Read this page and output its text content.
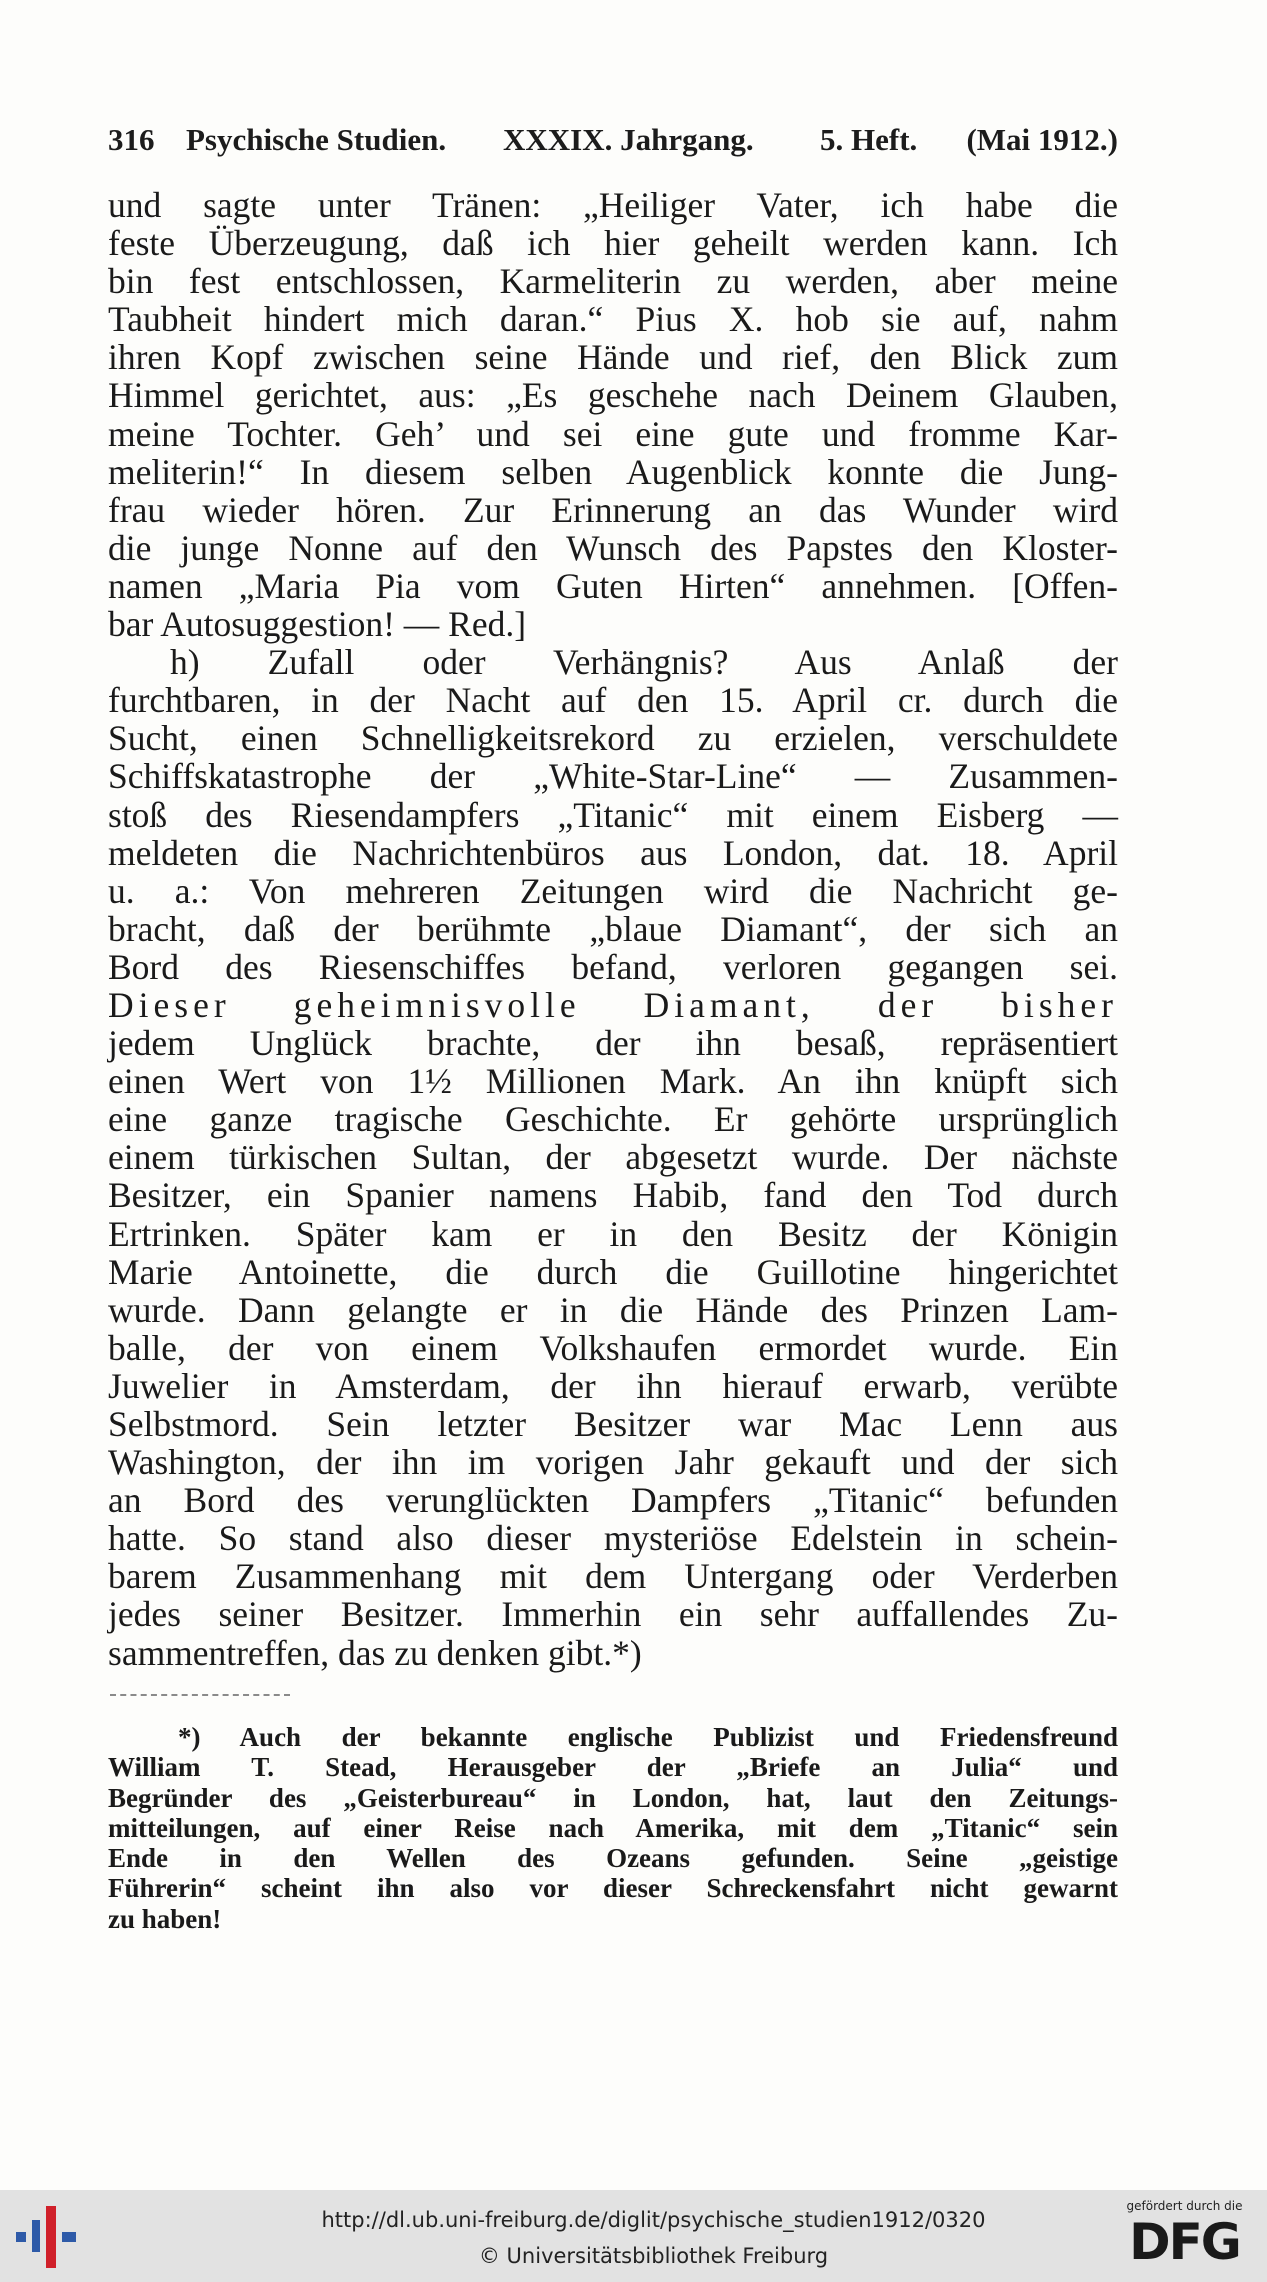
316 Psychische Studien. XXXIX. Jahrgang. 5. Heft. (Mai 1912.)
und sagte unter Tränen: „Heiliger Vater, ich habe die
feste Überzeugung, daß ich hier geheilt werden kann. Ich
bin fest entschlossen, Karmeliterin zu werden, aber meine
Taubheit hindert mich daran.“ Pius X. hob sie auf, nahm
ihren Kopf zwischen seine Hände und rief, den Blick zum
Himmel gerichtet, aus: „Es geschehe nach Deinem Glauben,
meine Tochter. Geh’ und sei eine gute und fromme Kar-
meliterin!“ In diesem selben Augenblick konnte die Jung-
frau wieder hören. Zur Erinnerung an das Wunder wird
die junge Nonne auf den Wunsch des Papstes den Kloster-
namen „Maria Pia vom Guten Hirten“ annehmen. [Offen-
bar Autosuggestion! — Red.]
h) Zufall oder Verhängnis? Aus Anlaß der
furchtbaren, in der Nacht auf den 15. April cr. durch die
Sucht, einen Schnelligkeitsrekord zu erzielen, verschuldete
Schiffskatastrophe der „White-Star-Line“ — Zusammen-
stoß des Riesendampfers „Titanic“ mit einem Eisberg —
meldeten die Nachrichtenbüros aus London, dat. 18. April
u. a.: Von mehreren Zeitungen wird die Nachricht ge-
bracht, daß der berühmte „blaue Diamant“, der sich an
Bord des Riesenschiffes befand, verloren gegangen sei.
Dieser geheimnisvolle Diamant, der bisher
jedem Unglück brachte, der ihn besaß, repräsentiert
einen Wert von 1½ Millionen Mark. An ihn knüpft sich
eine ganze tragische Geschichte. Er gehörte ursprünglich
einem türkischen Sultan, der abgesetzt wurde. Der nächste
Besitzer, ein Spanier namens Habib, fand den Tod durch
Ertrinken. Später kam er in den Besitz der Königin
Marie Antoinette, die durch die Guillotine hingerichtet
wurde. Dann gelangte er in die Hände des Prinzen Lam-
balle, der von einem Volkshaufen ermordet wurde. Ein
Juwelier in Amsterdam, der ihn hierauf erwarb, verübte
Selbstmord. Sein letzter Besitzer war Mac Lenn aus
Washington, der ihn im vorigen Jahr gekauft und der sich
an Bord des verunglückten Dampfers „Titanic“ befunden
hatte. So stand also dieser mysteriöse Edelstein in schein-
barem Zusammenhang mit dem Untergang oder Verderben
jedes seiner Besitzer. Immerhin ein sehr auffallendes Zu-
sammentreffen, das zu denken gibt.*)
*) Auch der bekannte englische Publizist und Friedensfreund
William T. Stead, Herausgeber der „Briefe an Julia“ und
Begründer des „Geisterbureau“ in London, hat, laut den Zeitungs-
mitteilungen, auf einer Reise nach Amerika, mit dem „Titanic“ sein
Ende in den Wellen des Ozeans gefunden. Seine „geistige
Führerin“ scheint ihn also vor dieser Schreckensfahrt nicht gewarnt
zu haben!
http://dl.ub.uni-freiburg.de/diglit/psychische_studien1912/0320
© Universitätsbibliothek Freiburg
gefördert durch die
DFG
